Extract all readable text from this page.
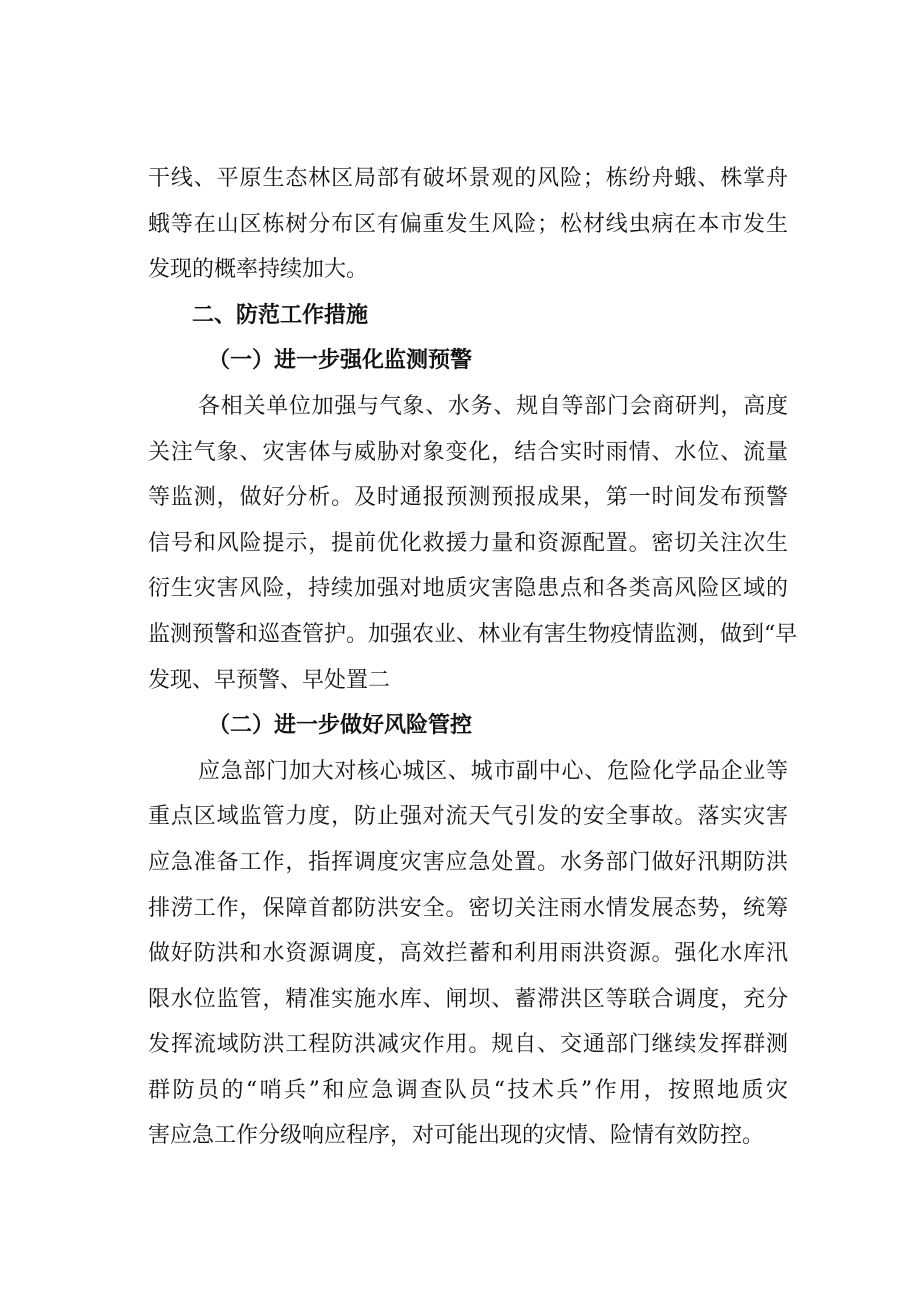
干线、平原生态林区局部有破坏景观的风险；栋纷舟蛾、株掌舟
蛾等在山区栋树分布区有偏重发生风险；松材线虫病在本市发生
发现的概率持续加大。
二、防范工作措施
（一）进一步强化监测预警
各相关单位加强与气象、水务、规自等部门会商研判，高度
关注气象、灾害体与威胁对象变化，结合实时雨情、水位、流量
等监测，做好分析。及时通报预测预报成果，第一时间发布预警
信号和风险提示，提前优化救援力量和资源配置。密切关注次生
衍生灾害风险，持续加强对地质灾害隐患点和各类高风险区域的
监测预警和巡查管护。加强农业、林业有害生物疫情监测，做到“早
发现、早预警、早处置二
（二）进一步做好风险管控
应急部门加大对核心城区、城市副中心、危险化学品企业等
重点区域监管力度，防止强对流天气引发的安全事故。落实灾害
应急准备工作，指挥调度灾害应急处置。水务部门做好汛期防洪
排涝工作，保障首都防洪安全。密切关注雨水情发展态势，统筹
做好防洪和水资源调度，高效拦蓄和利用雨洪资源。强化水库汛
限水位监管，精准实施水库、闸坝、蓄滞洪区等联合调度，充分
发挥流域防洪工程防洪减灾作用。规自、交通部门继续发挥群测
群防员的“哨兵”和应急调查队员“技术兵”作用，按照地质灾
害应急工作分级响应程序，对可能出现的灾情、险情有效防控。
